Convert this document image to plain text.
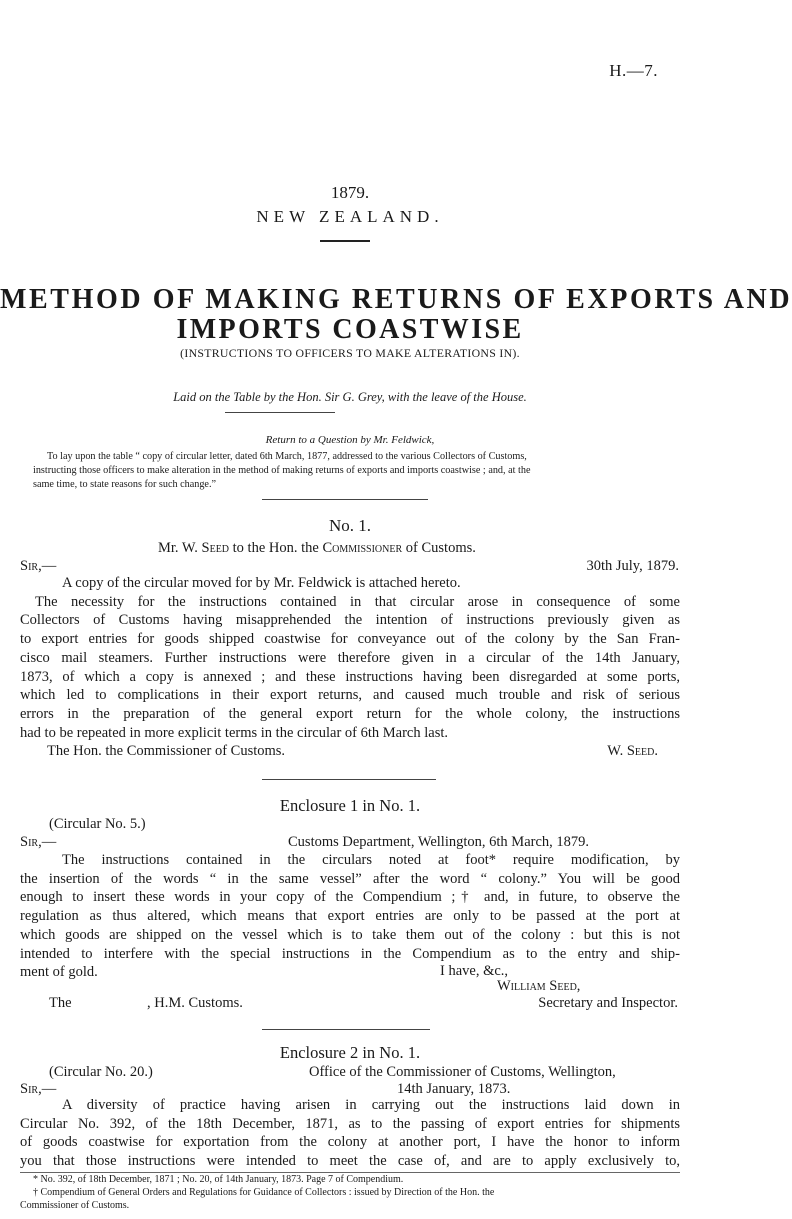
H.—7.
1879.
NEW ZEALAND.
METHOD OF MAKING RETURNS OF EXPORTS AND
IMPORTS COASTWISE
(INSTRUCTIONS TO OFFICERS TO MAKE ALTERATIONS IN).
Laid on the Table by the Hon. Sir G. Grey, with the leave of the House.
Return to a Question by Mr. Feldwick,
To lay upon the table “ copy of circular letter, dated 6th March, 1877, addressed to the various Collectors of Customs,
instructing those officers to make alteration in the method of making returns of exports and imports coastwise ; and, at the
same time, to state reasons for such change.”
No. 1.
Mr. W. Seed to the Hon. the Commissioner of Customs.
Sir,—	30th July, 1879.

A copy of the circular moved for by Mr. Feldwick is attached hereto.

The necessity for the instructions contained in that circular arose in consequence of some

Collectors of Customs having misapprehended the intention of instructions previously given as

to export entries for goods shipped coastwise for conveyance out of the colony by the San Fran-

cisco mail steamers. Further instructions were therefore given in a circular of the 14th January,

1873, of which a copy is annexed ; and these instructions having been disregarded at some ports,

which led to complications in their export returns, and caused much trouble and risk of serious

errors in the preparation of the general export return for the whole colony, the instructions

had to be repeated in more explicit terms in the circular of 6th March last.

The Hon. the Commissioner of Customs.	W. Seed.
Enclosure 1 in No. 1.
(Circular No. 5.)
Sir,—	Customs Department, Wellington, 6th March, 1879.

The instructions contained in the circulars noted at foot* require modification, by

the insertion of the words “ in the same vessel” after the word “ colony.” You will be good

enough to insert these words in your copy of the Compendium ;† and, in future, to observe the

regulation as thus altered, which means that export entries are only to be passed at the port at

which goods are shipped on the vessel which is to take them out of the colony : but this is not

intended to interfere with the special instructions in the Compendium as to the entry and ship-

ment of gold.	I have, &c.,
William Seed,
The	, H.M. Customs.	Secretary and Inspector.
Enclosure 2 in No. 1.
(Circular No. 20.)	Office of the Commissioner of Customs, Wellington,
Sir,—	14th January, 1873.

A diversity of practice having arisen in carrying out the instructions laid down in

Circular No. 392, of the 18th December, 1871, as to the passing of export entries for shipments

of goods coastwise for exportation from the colony at another port, I have the honor to inform

you that those instructions were intended to meet the case of, and are to apply exclusively to,

* No. 392, of 18th December, 1871 ; No. 20, of 14th January, 1873. Page 7 of Compendium.
† Compendium of General Orders and Regulations for Guidance of Collectors : issued by Direction of the Hon. the
Commissioner of Customs.
